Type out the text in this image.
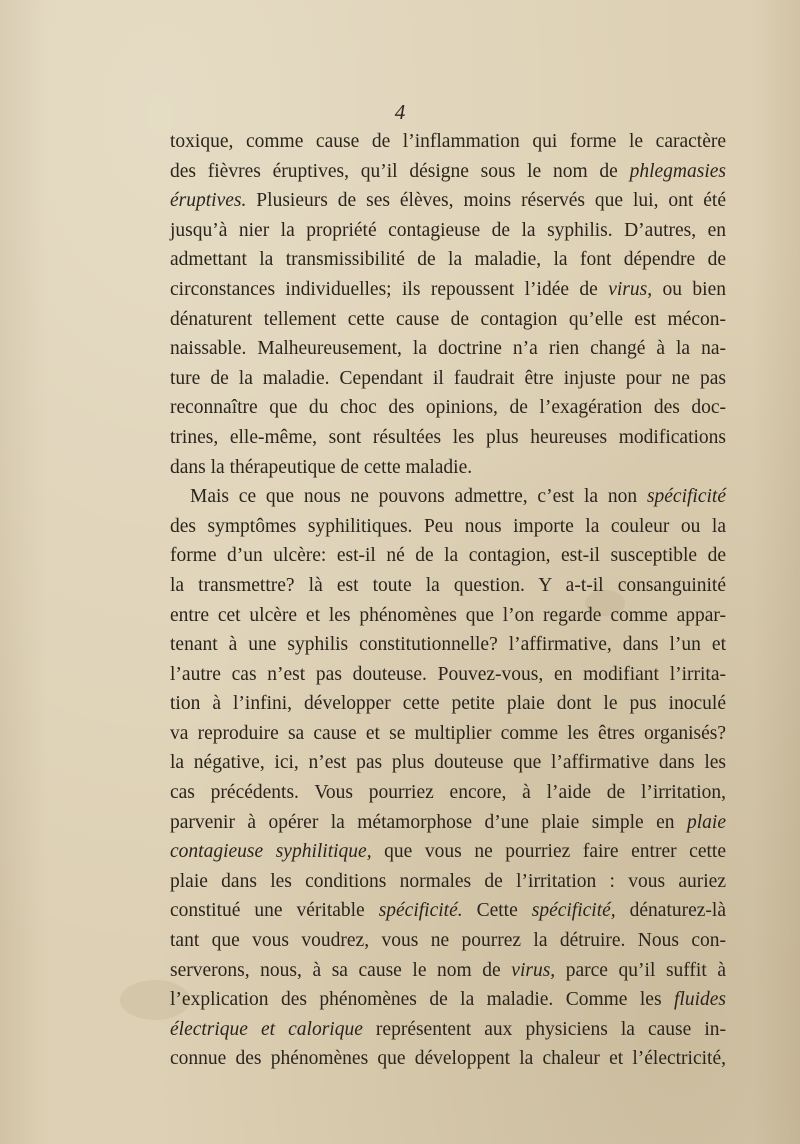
4
toxique, comme cause de l’inflammation qui forme le caractère
des fièvres éruptives, qu’il désigne sous le nom de phlegmasies
éruptives. Plusieurs de ses élèves, moins réservés que lui, ont été
jusqu’à nier la propriété contagieuse de la syphilis. D’autres, en
admettant la transmissibilité de la maladie, la font dépendre de
circonstances individuelles; ils repoussent l’idée de virus, ou bien
dénaturent tellement cette cause de contagion qu’elle est mécon-
naissable. Malheureusement, la doctrine n’a rien changé à la na-
ture de la maladie. Cependant il faudrait être injuste pour ne pas
reconnaître que du choc des opinions, de l’exagération des doc-
trines, elle-même, sont résultées les plus heureuses modifications
dans la thérapeutique de cette maladie.
Mais ce que nous ne pouvons admettre, c’est la non spécificité
des symptômes syphilitiques. Peu nous importe la couleur ou la
forme d’un ulcère: est-il né de la contagion, est-il susceptible de
la transmettre? là est toute la question. Y a-t-il consanguinité
entre cet ulcère et les phénomènes que l’on regarde comme appar-
tenant à une syphilis constitutionnelle? l’affirmative, dans l’un et
l’autre cas n’est pas douteuse. Pouvez-vous, en modifiant l’irrita-
tion à l’infini, développer cette petite plaie dont le pus inoculé
va reproduire sa cause et se multiplier comme les êtres organisés?
la négative, ici, n’est pas plus douteuse que l’affirmative dans les
cas précédents. Vous pourriez encore, à l’aide de l’irritation,
parvenir à opérer la métamorphose d’une plaie simple en plaie
contagieuse syphilitique, que vous ne pourriez faire entrer cette
plaie dans les conditions normales de l’irritation : vous auriez
constitué une véritable spécificité. Cette spécificité, dénaturez-là
tant que vous voudrez, vous ne pourrez la détruire. Nous con-
serverons, nous, à sa cause le nom de virus, parce qu’il suffit à
l’explication des phénomènes de la maladie. Comme les fluides
électrique et calorique représentent aux physiciens la cause in-
connue des phénomènes que développent la chaleur et l’électricité,
